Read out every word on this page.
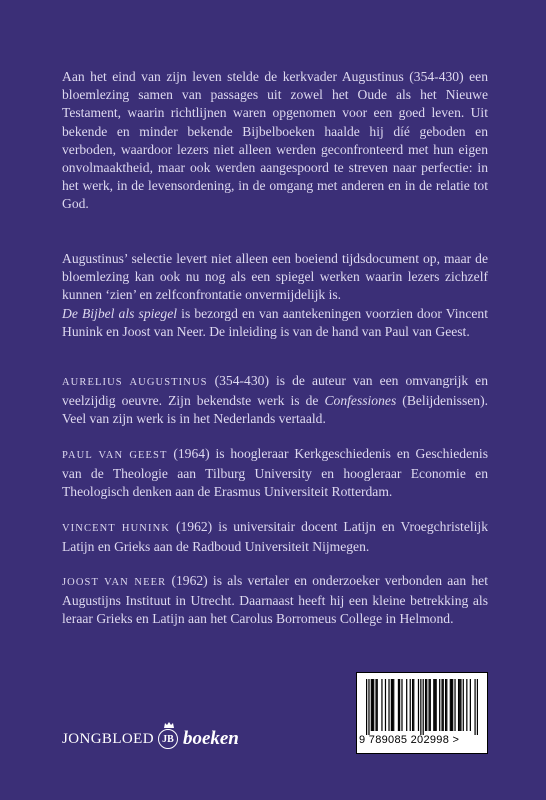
Aan het eind van zijn leven stelde de kerkvader Augustinus (354-430) een bloemlezing samen van passages uit zowel het Oude als het Nieuwe Testament, waarin richtlijnen waren opgenomen voor een goed leven. Uit bekende en minder bekende Bijbelboeken haalde hij díé geboden en verboden, waardoor lezers niet alleen werden geconfronteerd met hun eigen onvolmaaktheid, maar ook werden aangespoord te streven naar perfectie: in het werk, in de levensordening, in de omgang met anderen en in de relatie tot God.

Augustinus’ selectie levert niet alleen een boeiend tijdsdocument op, maar de bloemlezing kan ook nu nog als een spiegel werken waarin lezers zichzelf kunnen ‘zien’ en zelfconfrontatie onvermijdelijk is.

De Bijbel als spiegel is bezorgd en van aantekeningen voorzien door Vincent Hunink en Joost van Neer. De inleiding is van de hand van Paul van Geest.

AURELIUS AUGUSTINUS (354-430) is de auteur van een omvangrijk en veelzijdig oeuvre. Zijn bekendste werk is de Confessiones (Belijdenissen). Veel van zijn werk is in het Nederlands vertaald.

PAUL VAN GEEST (1964) is hoogleraar Kerkgeschiedenis en Geschiedenis van de Theologie aan Tilburg University en hoogleraar Economie en Theologisch denken aan de Erasmus Universiteit Rotterdam.

VINCENT HUNINK (1962) is universitair docent Latijn en Vroegchristelijk Latijn en Grieks aan de Radboud Universiteit Nijmegen.

JOOST VAN NEER (1962) is als vertaler en onderzoeker verbonden aan het Augustijns Instituut in Utrecht. Daarnaast heeft hij een kleine betrekking als leraar Grieks en Latijn aan het Carolus Borromeus College in Helmond.

JONGBLOED JB boeken	9 789085 202998 >
